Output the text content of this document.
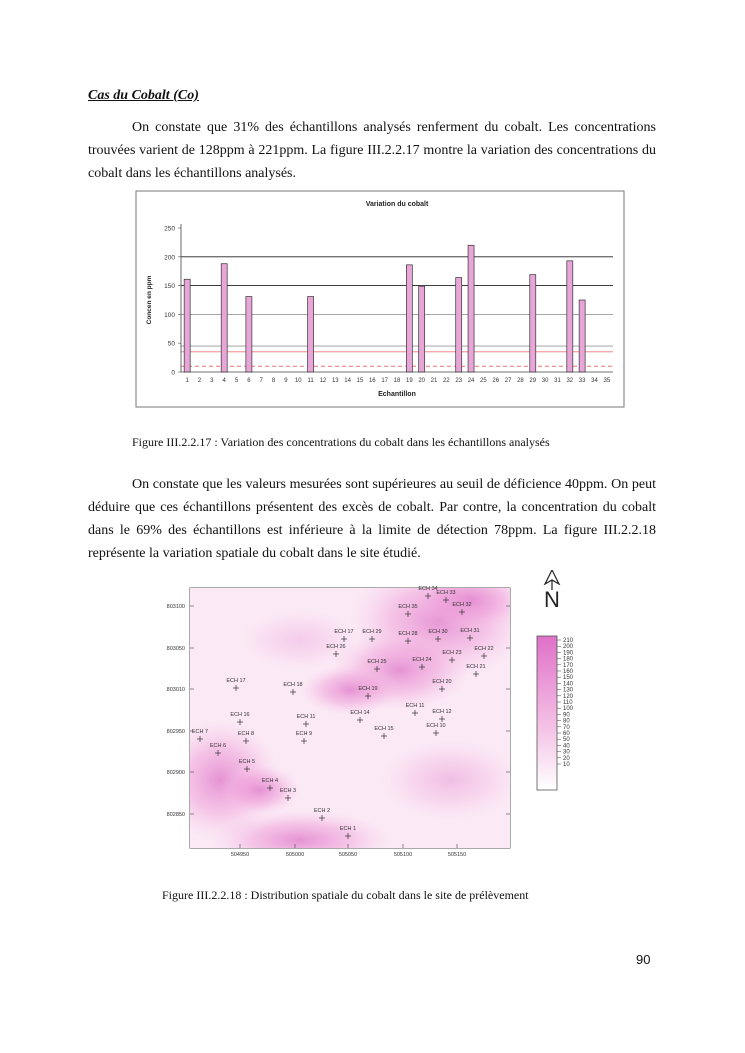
Cas du Cobalt (Co)
On constate que 31% des échantillons analysés renferment du cobalt. Les concentrations trouvées varient de 128ppm à 221ppm. La figure III.2.2.17 montre la variation des concentrations du cobalt dans les échantillons analysés.
Variation du cobalt
0
50
100
150
200
250
1 2 3 4 5 6 7 8 9 10 11 12 13 14 15 16 17 18 19 20 21 22 23 24 25 26 27 28 29 30 31 32 33 34 35
Echantillon
Concen en ppm
Figure III.2.2.17 : Variation des concentrations du cobalt dans les échantillons analysés
On constate que les valeurs mesurées sont supérieures au seuil de déficience 40ppm. On peut déduire que ces échantillons présentent des excès de cobalt. Par contre, la concentration du cobalt dans le 69% des échantillons est inférieure à la limite de détection 78ppm. La figure III.2.2.18 représente la variation spatiale du cobalt dans le site étudié.
ECH 34
ECH 33
ECH 35	ECH 32
ECH 17 ECH 29	ECH 28 ECH 30 ECH 31
ECH 26	ECH 22
ECH 23
ECH 25	ECH 24
ECH 21
ECH 17
ECH 18	ECH 20
ECH 19
ECH 11
ECH 14
ECH 16	ECH 11
ECH 12
ECH 15	ECH 10
ECH 7	ECH 8	ECH 9
ECH 6
ECH 5
ECH 4
ECH 3
ECH 2
ECH 1
504950	505000	505050	505100	505150
803100
803050
803010
802950
802900
802850
210
200
190
180
170
160
150
140
130
120
110
100
90
80
70
60
50
40
30
20
10
N
Figure III.2.2.18 : Distribution spatiale du cobalt dans le site de prélèvement
90
